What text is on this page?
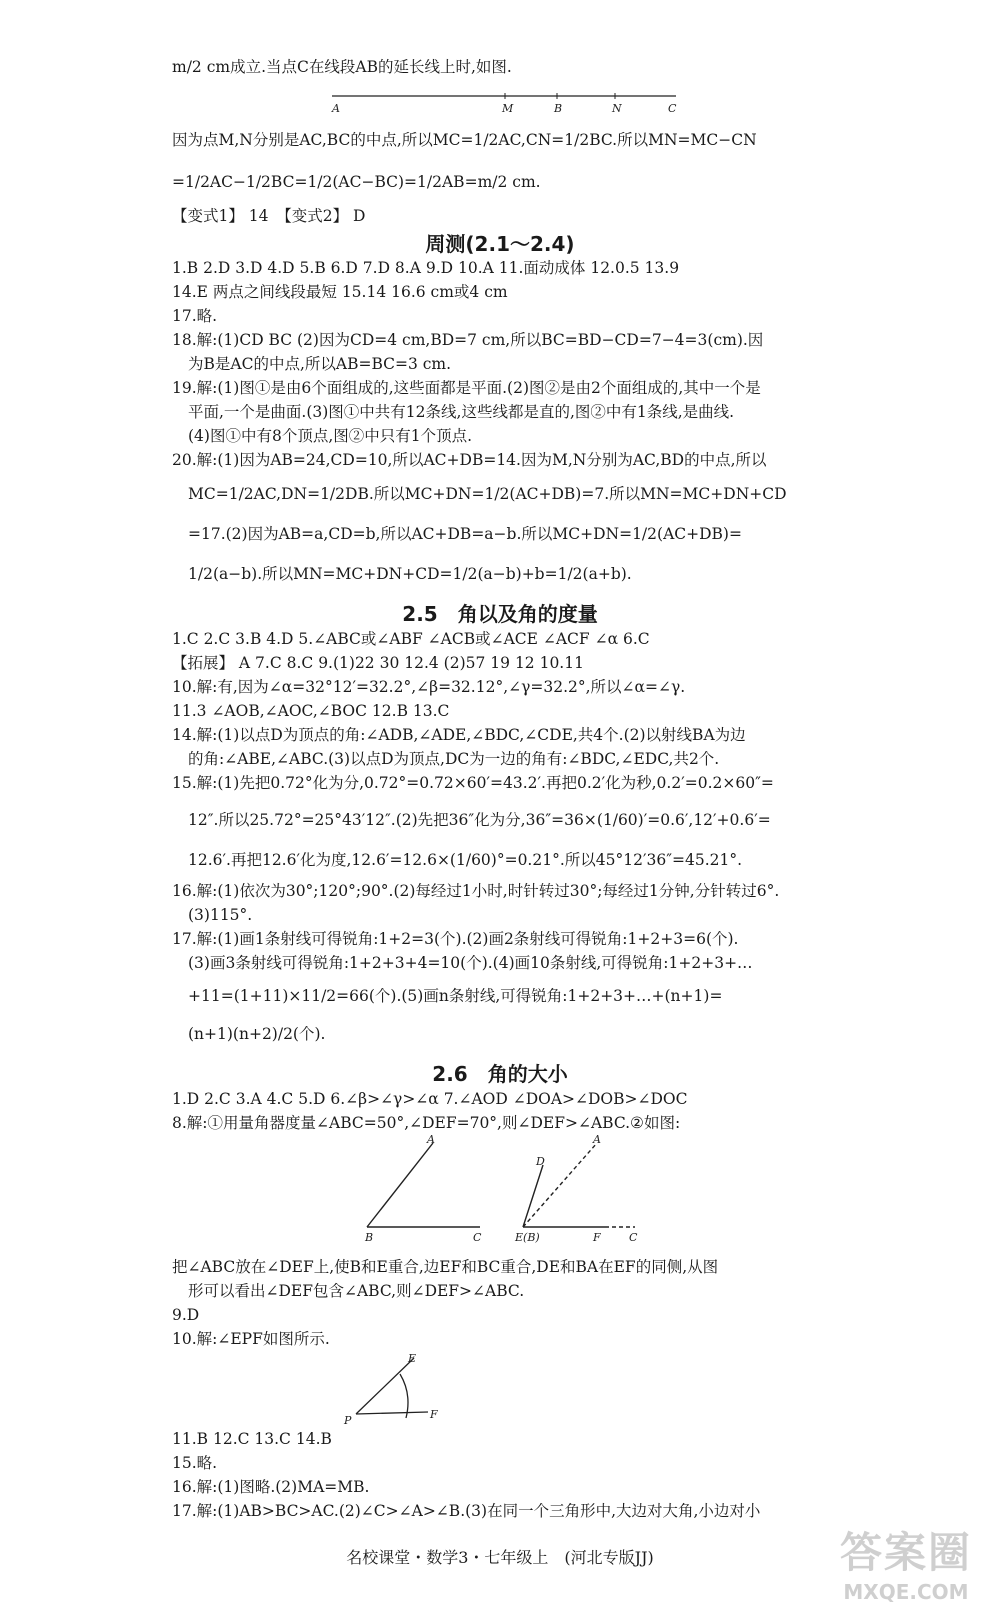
m/2 cm成立.当点C在线段AB的延长线上时,如图.
A	M	B	N	C
因为点M,N分别是AC,BC的中点,所以MC=1/2AC,CN=1/2BC.所以MN=MC−CN
=1/2AC−1/2BC=1/2(AC−BC)=1/2AB=m/2 cm.
【变式1】 14　【变式2】 D
周测(2.1～2.4)
1.B 2.D 3.D 4.D 5.B 6.D 7.D 8.A 9.D 10.A 11.面动成体 12.0.5 13.9
14.E 两点之间线段最短 15.14 16.6 cm或4 cm
17.略.
18.解:(1)CD BC (2)因为CD=4 cm,BD=7 cm,所以BC=BD−CD=7−4=3(cm).因
为B是AC的中点,所以AB=BC=3 cm.
19.解:(1)图①是由6个面组成的,这些面都是平面.(2)图②是由2个面组成的,其中一个是
平面,一个是曲面.(3)图①中共有12条线,这些线都是直的,图②中有1条线,是曲线.
(4)图①中有8个顶点,图②中只有1个顶点.
20.解:(1)因为AB=24,CD=10,所以AC+DB=14.因为M,N分别为AC,BD的中点,所以
MC=1/2AC,DN=1/2DB.所以MC+DN=1/2(AC+DB)=7.所以MN=MC+DN+CD
=17.(2)因为AB=a,CD=b,所以AC+DB=a−b.所以MC+DN=1/2(AC+DB)=
1/2(a−b).所以MN=MC+DN+CD=1/2(a−b)+b=1/2(a+b).
2.5　角以及角的度量
1.C 2.C 3.B 4.D 5.∠ABC或∠ABF ∠ACB或∠ACE ∠ACF ∠α 6.C
【拓展】 A 7.C 8.C 9.(1)22 30 12.4 (2)57 19 12 10.11
10.解:有,因为∠α=32°12′=32.2°,∠β=32.12°,∠γ=32.2°,所以∠α=∠γ.
11.3 ∠AOB,∠AOC,∠BOC 12.B 13.C
14.解:(1)以点D为顶点的角:∠ADB,∠ADE,∠BDC,∠CDE,共4个.(2)以射线BA为边
的角:∠ABE,∠ABC.(3)以点D为顶点,DC为一边的角有:∠BDC,∠EDC,共2个.
15.解:(1)先把0.72°化为分,0.72°=0.72×60′=43.2′.再把0.2′化为秒,0.2′=0.2×60″=
12″.所以25.72°=25°43′12″.(2)先把36″化为分,36″=36×(1/60)′=0.6′,12′+0.6′=
12.6′.再把12.6′化为度,12.6′=12.6×(1/60)°=0.21°.所以45°12′36″=45.21°.
16.解:(1)依次为30°;120°;90°.(2)每经过1小时,时针转过30°;每经过1分钟,分针转过6°.
(3)115°.
17.解:(1)画1条射线可得锐角:1+2=3(个).(2)画2条射线可得锐角:1+2+3=6(个).
(3)画3条射线可得锐角:1+2+3+4=10(个).(4)画10条射线,可得锐角:1+2+3+…
+11=(1+11)×11/2=66(个).(5)画n条射线,可得锐角:1+2+3+…+(n+1)=
(n+1)(n+2)/2(个).
2.6　角的大小
1.D 2.C 3.A 4.C 5.D 6.∠β>∠γ>∠α 7.∠AOD ∠DOA>∠DOB>∠DOC
8.解:①用量角器度量∠ABC=50°,∠DEF=70°,则∠DEF>∠ABC.②如图:
A
B	C
D
A
E(B)	F	C
把∠ABC放在∠DEF上,使B和E重合,边EF和BC重合,DE和BA在EF的同侧,从图
形可以看出∠DEF包含∠ABC,则∠DEF>∠ABC.
9.D
10.解:∠EPF如图所示.
E
P	F
11.B 12.C 13.C 14.B
15.略.
16.解:(1)图略.(2)MA=MB.
17.解:(1)AB>BC>AC.(2)∠C>∠A>∠B.(3)在同一个三角形中,大边对大角,小边对小
名校课堂・数学3・七年级上　(河北专版JJ)	答案圈
MXQE.COM
